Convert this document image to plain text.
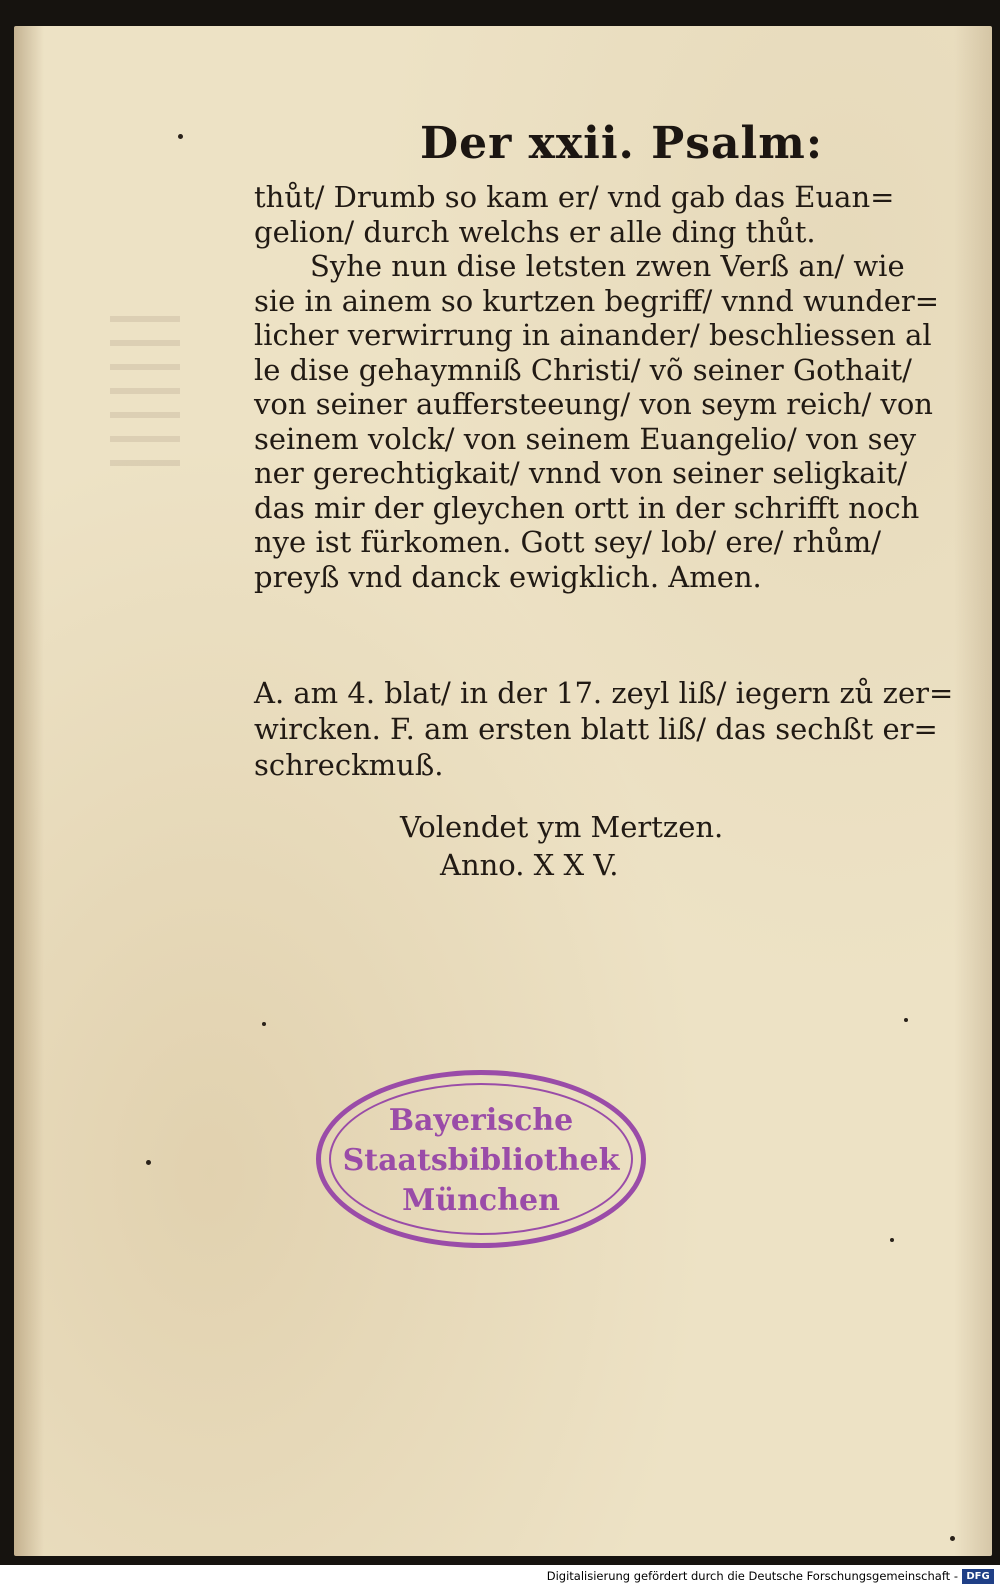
Der xxii. Psalm:
thůt/ Drumb so kam er/ vnd gab das Euan=
gelion/ durch welchs er alle ding thůt.
Syhe nun dise letsten zwen Verß an/ wie
sie in ainem so kurtzen begriff/ vnnd wunder=
licher verwirrung in ainander/ beschliessen al
le dise gehaymniß Christi/ võ seiner Gothait/
von seiner aufferstееung/ von seym reich/ von
seinem volck/ von seinem Euangelio/ von sey
ner gerechtigkait/ vnnd von seiner seligkait/
das mir der gleychen ortt in der schrifft noch
nye ist fürkomen. Gott sey/ lob/ ere/ rhům/
preyß vnd danck ewigklich. Amen.
A. am 4. blat/ in der 17. zeyl liß/ iegern zů zer=
wircken. F. am ersten blatt liß/ das sechßt er=
schreckmuß.
Volendet ym Mertzen.
Anno. X X V.
Bayerische
Staatsbibliothek
München
Digitalisierung gefördert durch die Deutsche Forschungsgemeinschaft - DFG
